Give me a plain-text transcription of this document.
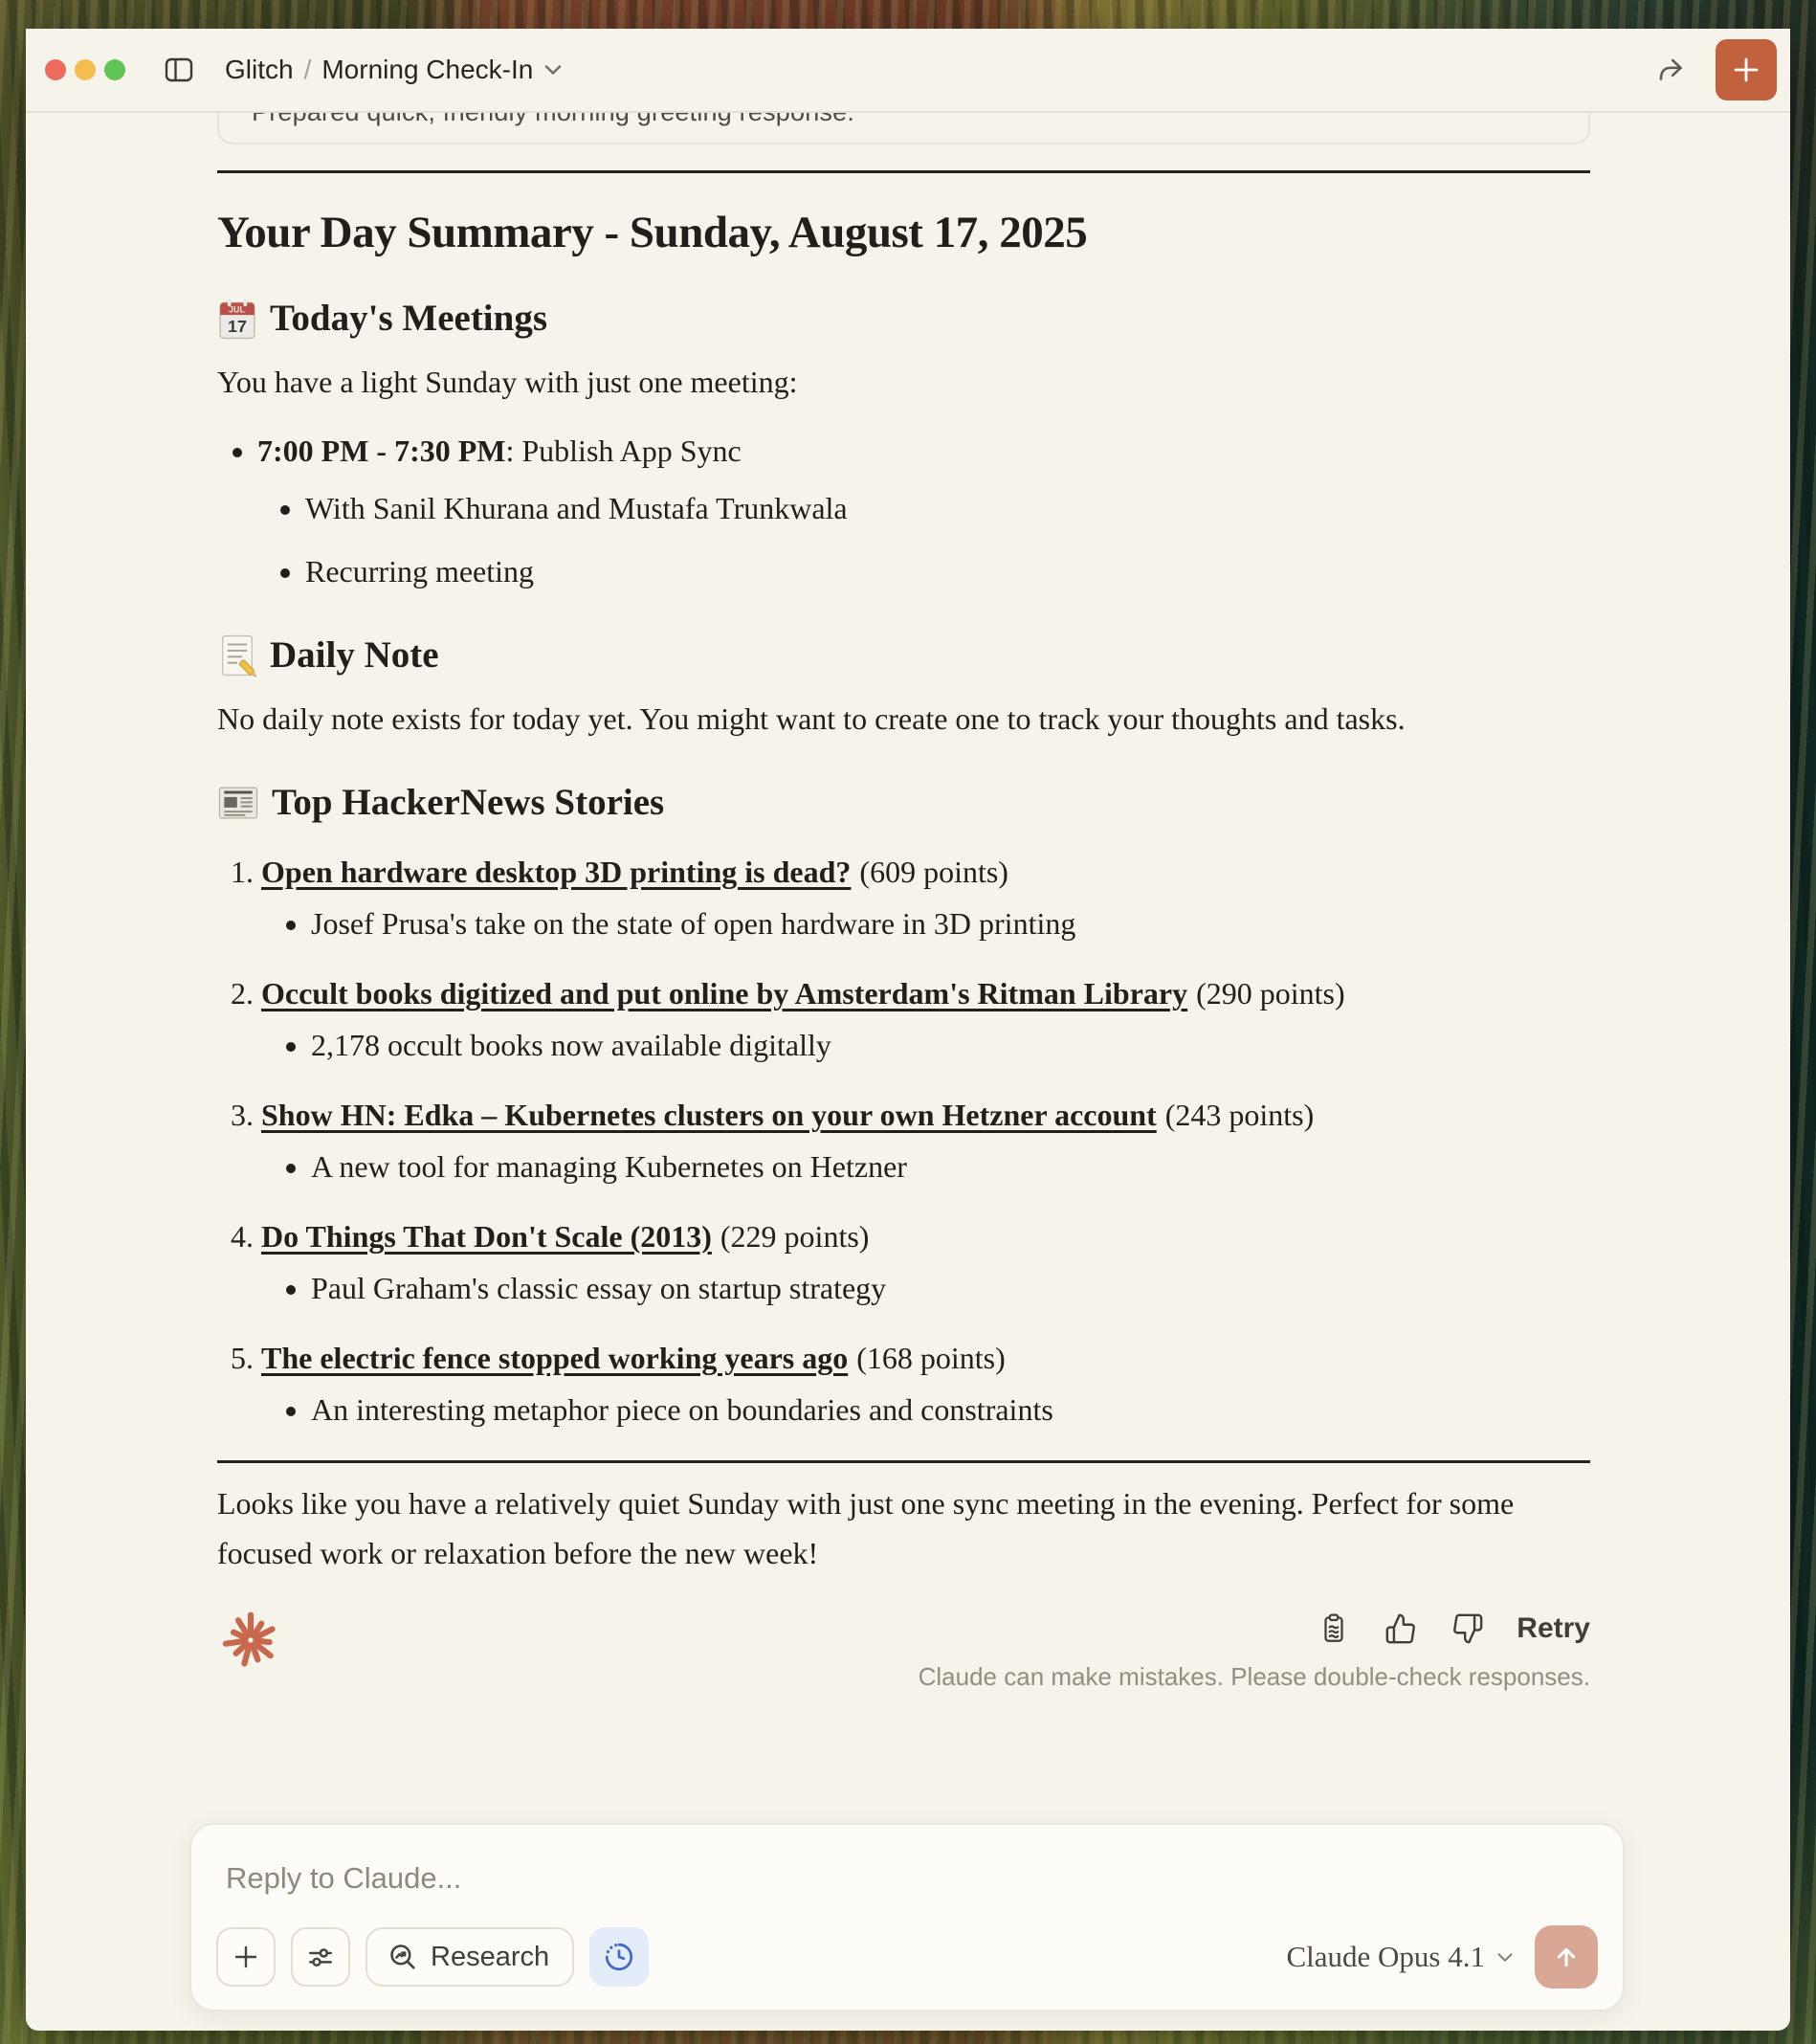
Glitch / Morning Check-In
Your Day Summary - Sunday, August 17, 2025
JUL
17 Today's Meetings

You have a light Sunday with just one meeting:

• 7:00 PM - 7:30 PM: Publish App Sync
• With Sanil Khurana and Mustafa Trunkwala
• Recurring meeting
Daily Note

No daily note exists for today yet. You might want to create one to track your thoughts and tasks.

Top HackerNews Stories
1. Open hardware desktop 3D printing is dead? (609 points)
• Josef Prusa's take on the state of open hardware in 3D printing
2. Occult books digitized and put online by Amsterdam's Ritman Library (290 points)
• 2,178 occult books now available digitally
3. Show HN: Edka – Kubernetes clusters on your own Hetzner account (243 points)
• A new tool for managing Kubernetes on Hetzner
4. Do Things That Don't Scale (2013) (229 points)
• Paul Graham's classic essay on startup strategy
5. The electric fence stopped working years ago (168 points)
• An interesting metaphor piece on boundaries and constraints

Looks like you have a relatively quiet Sunday with just one sync meeting in the evening. Perfect for some focused work or relaxation before the new week!

Retry
Claude can make mistakes. Please double-check responses.
Reply to Claude...
Research	Claude Opus 4.1
